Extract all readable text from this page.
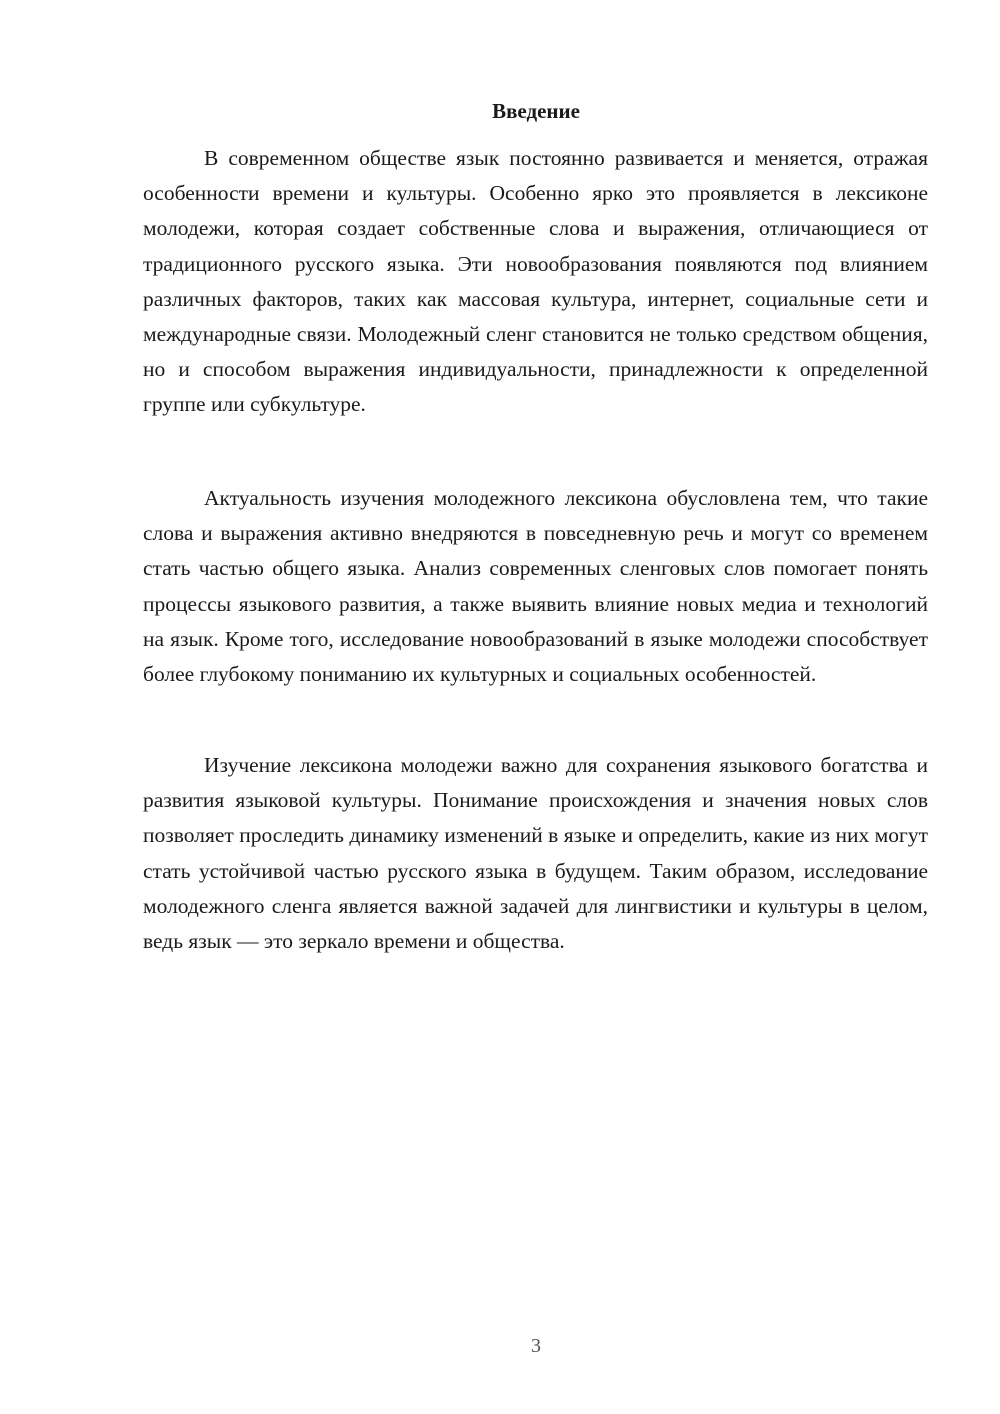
Введение

В современном обществе язык постоянно развивается и меняется, отражая особенности времени и культуры. Особенно ярко это проявляется в лексиконе молодежи, которая создает собственные слова и выражения, отличающиеся от традиционного русского языка. Эти новообразования появляются под влиянием различных факторов, таких как массовая культура, интернет, социальные сети и международные связи. Молодежный сленг становится не только средством общения, но и способом выражения индивидуальности, принадлежности к определенной группе или субкультуре.

Актуальность изучения молодежного лексикона обусловлена тем, что такие слова и выражения активно внедряются в повседневную речь и могут со временем стать частью общего языка. Анализ современных сленговых слов помогает понять процессы языкового развития, а также выявить влияние новых медиа и технологий на язык. Кроме того, исследование новообразований в языке молодежи способствует более глубокому пониманию их культурных и социальных особенностей.

Изучение лексикона молодежи важно для сохранения языкового богатства и развития языковой культуры. Понимание происхождения и значения новых слов позволяет проследить динамику изменений в языке и определить, какие из них могут стать устойчивой частью русского языка в будущем. Таким образом, исследование молодежного сленга является важной задачей для лингвистики и культуры в целом, ведь язык — это зеркало времени и общества.

3
